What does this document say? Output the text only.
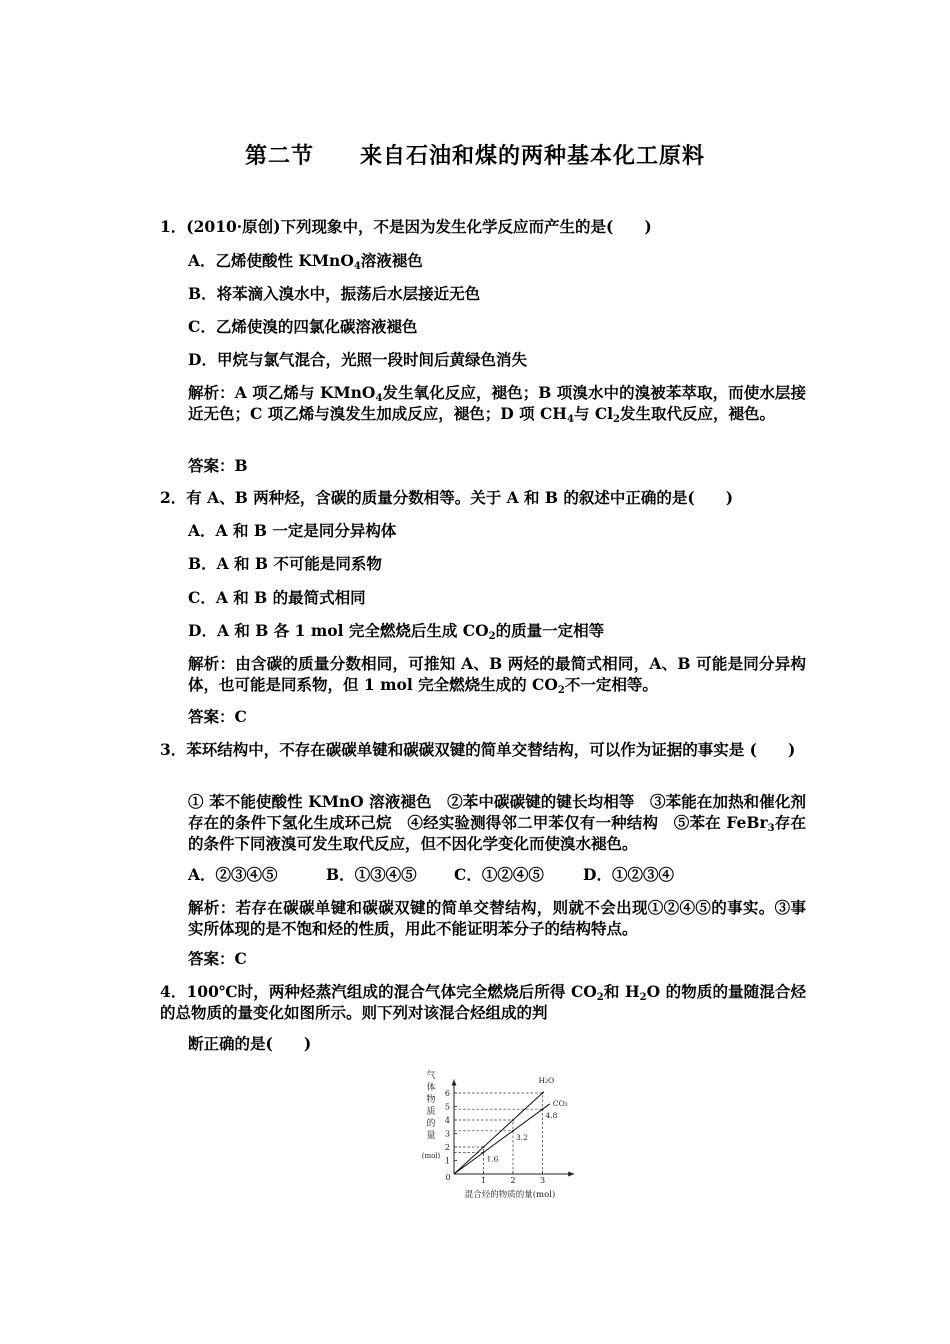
第二节　　来自石油和煤的两种基本化工原料
1．(2010·原创)下列现象中，不是因为发生化学反应而产生的是(　　)
A．乙烯使酸性 KMnO$_4$溶液褪色
B．将苯滴入溴水中，振荡后水层接近无色
C．乙烯使溴的四氯化碳溶液褪色
D．甲烷与氯气混合，光照一段时间后黄绿色消失
解析：A 项乙烯与 KMnO$_4$发生氧化反应，褪色；B 项溴水中的溴被苯萃取，而使水层接近无色；C 项乙烯与溴发生加成反应，褪色；D 项 $CH_4$与 $Cl_2$发生取代反应，褪色。
答案：B
2．有 A、B 两种烃，含碳的质量分数相等。关于 A 和 B 的叙述中正确的是(　　)
A．A 和 B 一定是同分异构体
B．A 和 B 不可能是同系物
C．A 和 B 的最简式相同
D．A 和 B 各 1 mol 完全燃烧后生成 $CO_2$的质量一定相等
解析：由含碳的质量分数相同，可推知 A、B 两烃的最简式相同，A、B 可能是同分异构体，也可能是同系物，但 1 mol 完全燃烧生成的 $CO_2$不一定相等。
答案：C
3．苯环结构中，不存在碳碳单键和碳碳双键的简单交替结构，可以作为证据的事实是 (　　)
① 苯不能使酸性 KMnO 溶液褪色　②苯中碳碳键的键长均相等　③苯能在加热和催化剂存在的条件下氢化生成环己烷　④经实验测得邻二甲苯仅有一种结构　⑤苯在 FeBr$_3$存在的条件下同液溴可发生取代反应，但不因化学变化而使溴水褪色。
A．②③④⑤	B．①③④⑤ C．①②④⑤	D．①②③④
解析：若存在碳碳单键和碳碳双键的简单交替结构，则就不会出现①②④⑤的事实。③事实所体现的是不饱和烃的性质，用此不能证明苯分子的结构特点。
答案：C
4．100℃时，两种烃蒸汽组成的混合气体完全燃烧后所得 $CO_2$和 $H_2O$ 的物质的量随混合烃的总物质的量变化如图所示。则下列对该混合烃组成的判
断正确的是(　　)
气
体
物
质
的
量
(mol)
0	1	2	3
1
2
3
4
5
6
H₂O
CO₂
1.6
3.2
4.8
混合烃的物质的量(mol)
